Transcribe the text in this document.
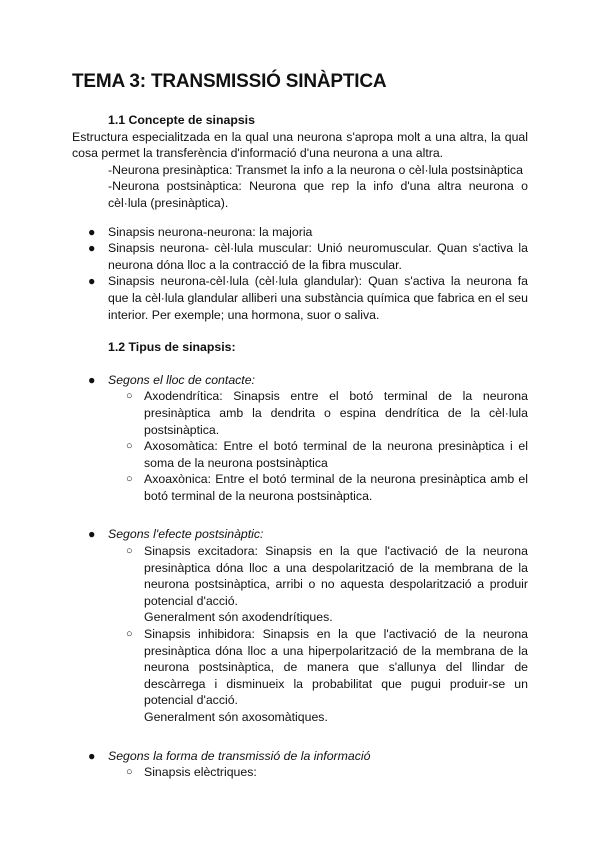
TEMA 3: TRANSMISSIÓ SINÀPTICA
1.1 Concepte de sinapsis

Estructura especialitzada en la qual una neurona s'apropa molt a una altra, la qual cosa permet la transferència d'informació d'una neurona a una altra.

-Neurona presinàptica: Transmet la info a la neurona o cèl·lula postsinàptica

-Neurona postsinàptica: Neurona que rep la info d'una altra neurona o cèl·lula (presinàptica).

● Sinapsis neurona-neurona: la majoria
● Sinapsis neurona- cèl·lula muscular: Unió neuromuscular. Quan s'activa la neurona dóna lloc a la contracció de la fibra muscular.
● Sinapsis neurona-cèl·lula (cèl·lula glandular): Quan s'activa la neurona fa que la cèl·lula glandular alliberi una substància química que fabrica en el seu interior. Per exemple; una hormona, suor o saliva.
1.2 Tipus de sinapsis:
● Segons el lloc de contacte:
○ Axodendrítica: Sinapsis entre el botó terminal de la neurona presinàptica amb la dendrita o espina dendrítica de la cèl·lula postsinàptica.
○ Axosomàtica: Entre el botó terminal de la neurona presinàptica i el soma de la neurona postsinàptica
○ Axoaxònica: Entre el botó terminal de la neurona presinàptica amb el botó terminal de la neurona postsinàptica.
● Segons l'efecte postsinàptic:
○ Sinapsis excitadora: Sinapsis en la que l'activació de la neurona presinàptica dóna lloc a una despolarització de la membrana de la neurona postsinàptica, arribi o no aquesta despolarització a produir potencial d'acció.
Generalment són axodendrítiques.
○ Sinapsis inhibidora: Sinapsis en la que l'activació de la neurona presinàptica dóna lloc a una hiperpolarització de la membrana de la neurona postsinàptica, de manera que s'allunya del llindar de descàrrega i disminueix la probabilitat que pugui produir-se un potencial d'acció.
Generalment són axosomàtiques.
● Segons la forma de transmissió de la informació
○ Sinapsis elèctriques:
